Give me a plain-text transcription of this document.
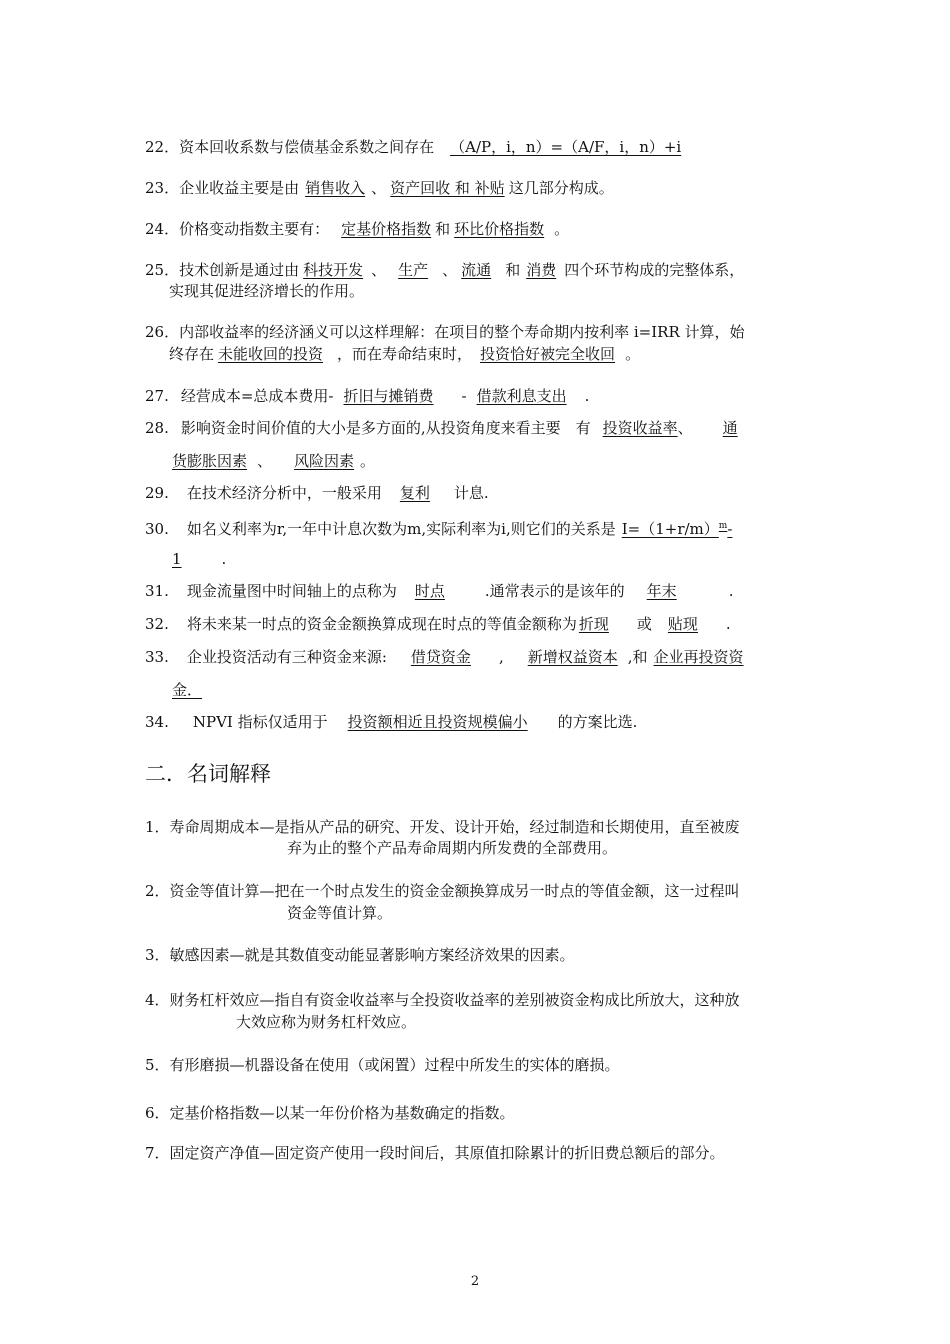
22．资本回收系数与偿债基金系数之间存在 （A/P，i，n）=（A/F，i，n）+i
23．企业收益主要是由 销售收入 、 资产回收 和 补贴 这几部分构成。
24．价格变动指数主要有： 定基价格指数 和 环比价格指数 。
25．技术创新是通过由 科技开发 、 生产 、 流通 和 消费 四个环节构成的完整体系，
实现其促进经济增长的作用。
26．内部收益率的经济涵义可以这样理解：在项目的整个寿命期内按利率 i=IRR 计算，始
终存在 未能收回的投资 ，而在寿命结束时， 投资恰好被完全收回 。
27. 经营成本=总成本费用- 折旧与摊销费 - 借款利息支出 .
28. 影响资金时间价值的大小是多方面的,从投资角度来看主要　有 投资收益率、 通
货膨胀因素 、 风险因素 。
29. 在技术经济分析中，一般采用 复利 计息.
30. 如名义利率为r,一年中计息次数为m,实际利率为i,则它们的关系是 $I=(1+r/m)^m-$
1	.
31. 现金流量图中时间轴上的点称为 时点	.通常表示的是该年的 年末	.
32. 将未来某一时点的资金金额换算成现在时点的等值金额称为 折现 或 贴现 .
33. 企业投资活动有三种资金来源: 借贷资金 , 新增权益资本 ,和 企业再投资资
金．
34. NPVI 指标仅适用于 投资额相近且投资规模偏小 的方案比选.
二．名词解释
1．寿命周期成本—是指从产品的研究、开发、设计开始，经过制造和长期使用，直至被废
弃为止的整个产品寿命周期内所发费的全部费用。
2．资金等值计算—把在一个时点发生的资金金额换算成另一时点的等值金额，这一过程叫
资金等值计算。
3．敏感因素—就是其数值变动能显著影响方案经济效果的因素。
4．财务杠杆效应—指自有资金收益率与全投资收益率的差别被资金构成比所放大，这种放
大效应称为财务杠杆效应。
5．有形磨损—机器设备在使用（或闲置）过程中所发生的实体的磨损。
6．定基价格指数—以某一年份价格为基数确定的指数。
7．固定资产净值—固定资产使用一段时间后，其原值扣除累计的折旧费总额后的部分。
2
